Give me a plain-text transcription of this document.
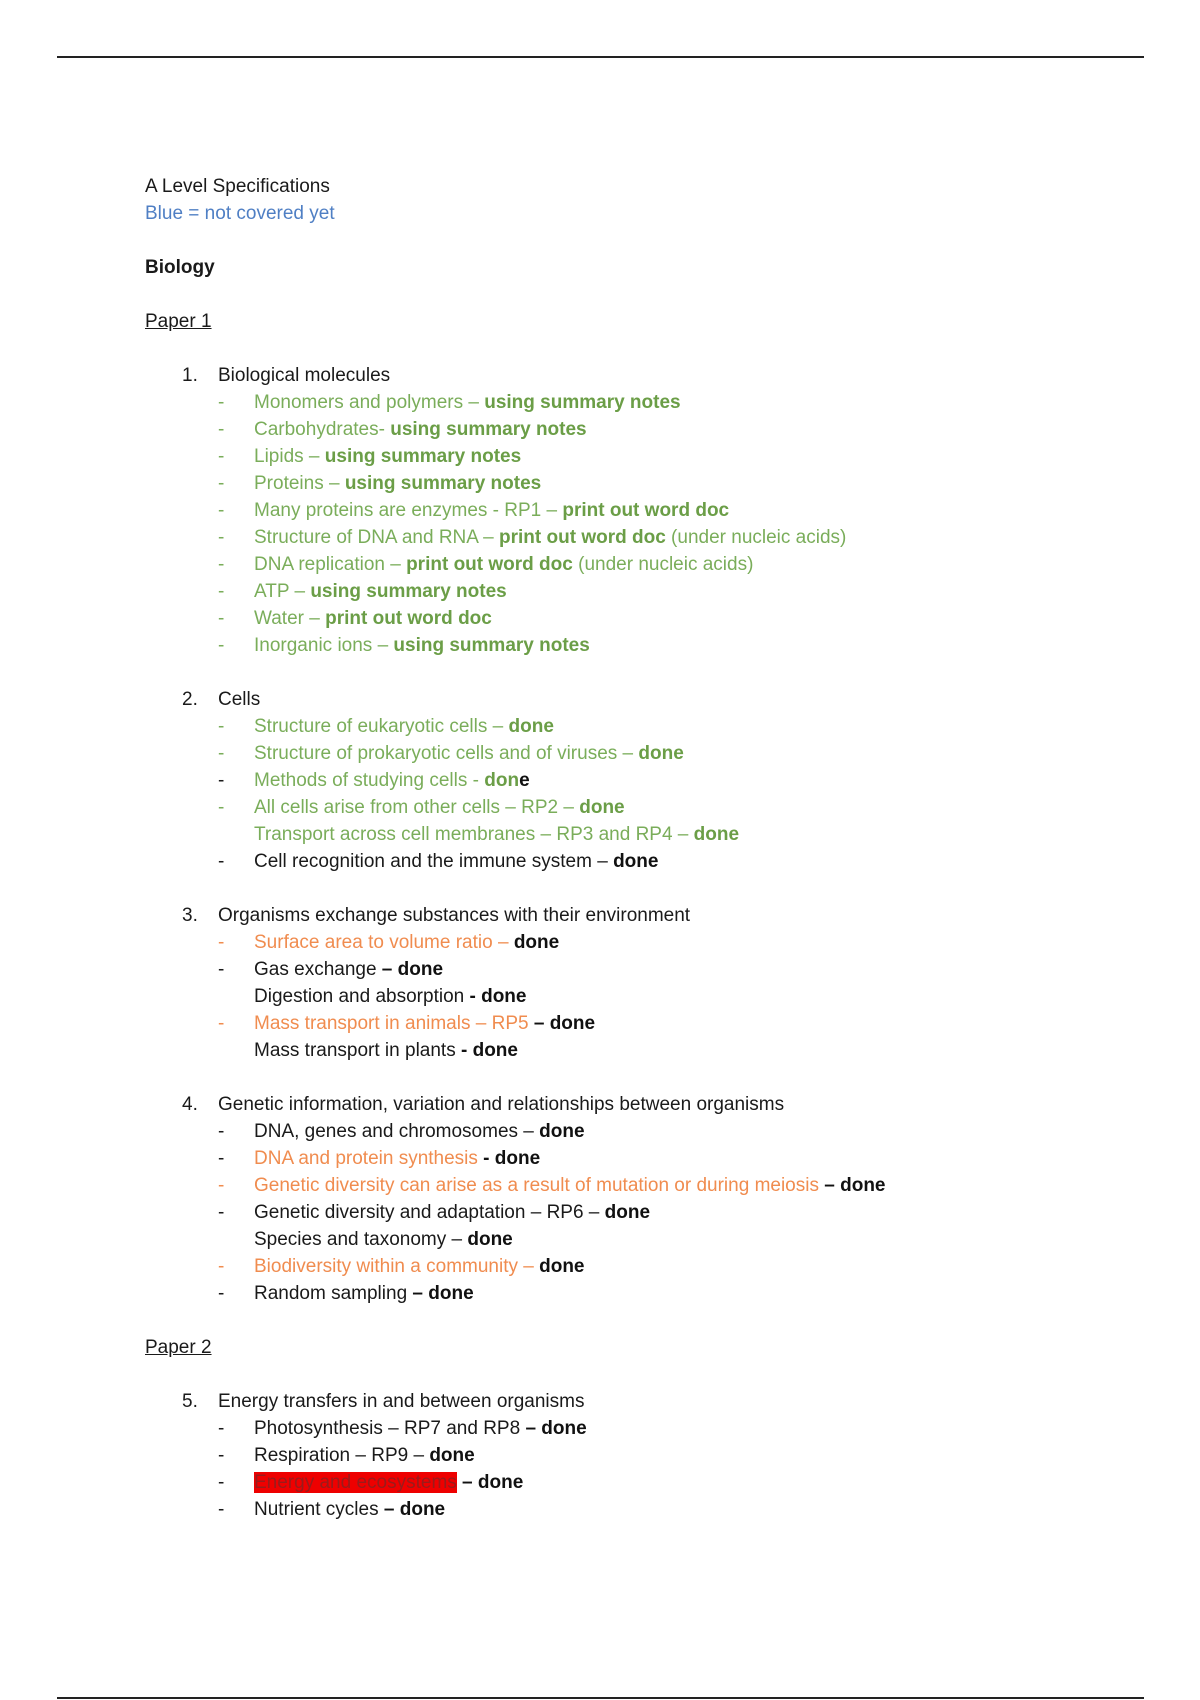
A Level Specifications
Blue = not covered yet
Biology
Paper 1
1.	Biological molecules
-	Monomers and polymers – using summary notes
-	Carbohydrates- using summary notes
-	Lipids – using summary notes
-	Proteins – using summary notes
-	Many proteins are enzymes - RP1 – print out word doc
-	Structure of DNA and RNA – print out word doc (under nucleic acids)
-	DNA replication – print out word doc (under nucleic acids)
-	ATP – using summary notes
-	Water – print out word doc
-	Inorganic ions – using summary notes
2.	Cells
-	Structure of eukaryotic cells – done
-	Structure of prokaryotic cells and of viruses – done
-	Methods of studying cells - done
-	All cells arise from other cells – RP2 – done
Transport across cell membranes – RP3 and RP4 – done
-	Cell recognition and the immune system – done
3.	Organisms exchange substances with their environment
-	Surface area to volume ratio – done
-	Gas exchange – done
Digestion and absorption - done
-	Mass transport in animals – RP5 – done
Mass transport in plants - done
4.	Genetic information, variation and relationships between organisms
-	DNA, genes and chromosomes – done
-	DNA and protein synthesis - done
-	Genetic diversity can arise as a result of mutation or during meiosis – done
-	Genetic diversity and adaptation – RP6 – done
Species and taxonomy – done
-	Biodiversity within a community – done
-	Random sampling – done
Paper 2
5.	Energy transfers in and between organisms
-	Photosynthesis – RP7 and RP8 – done
-	Respiration – RP9 – done
-	Energy and ecosystems – done
-	Nutrient cycles – done
